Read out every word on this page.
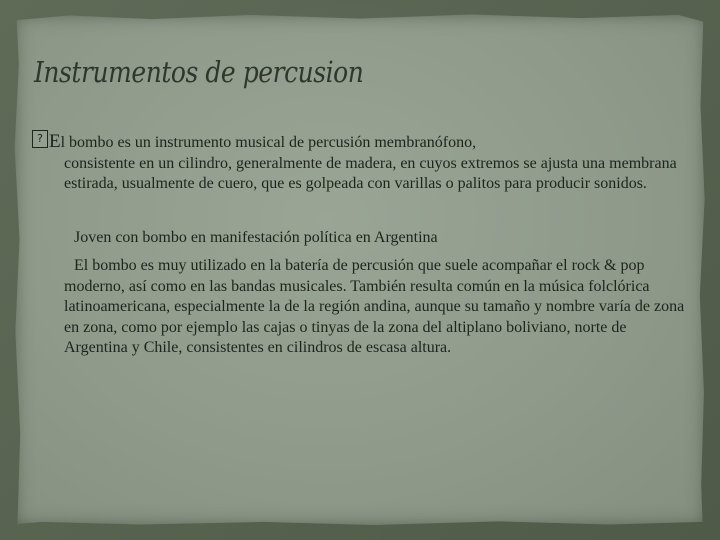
Instrumentos de percusion
? El bombo es un instrumento musical de percusión membranófono,
consistente en un cilindro, generalmente de madera, en cuyos extremos se ajusta una membrana estirada, usualmente de cuero, que es golpeada con varillas o palitos para producir sonidos.
Joven con bombo en manifestación política en Argentina
El bombo es muy utilizado en la batería de percusión que suele acompañar el rock & pop moderno, así como en las bandas musicales. También resulta común en la música folclórica latinoamericana, especialmente la de la región andina, aunque su tamaño y nombre varía de zona en zona, como por ejemplo las cajas o tinyas de la zona del altiplano boliviano, norte de Argentina y Chile, consistentes en cilindros de escasa altura.
